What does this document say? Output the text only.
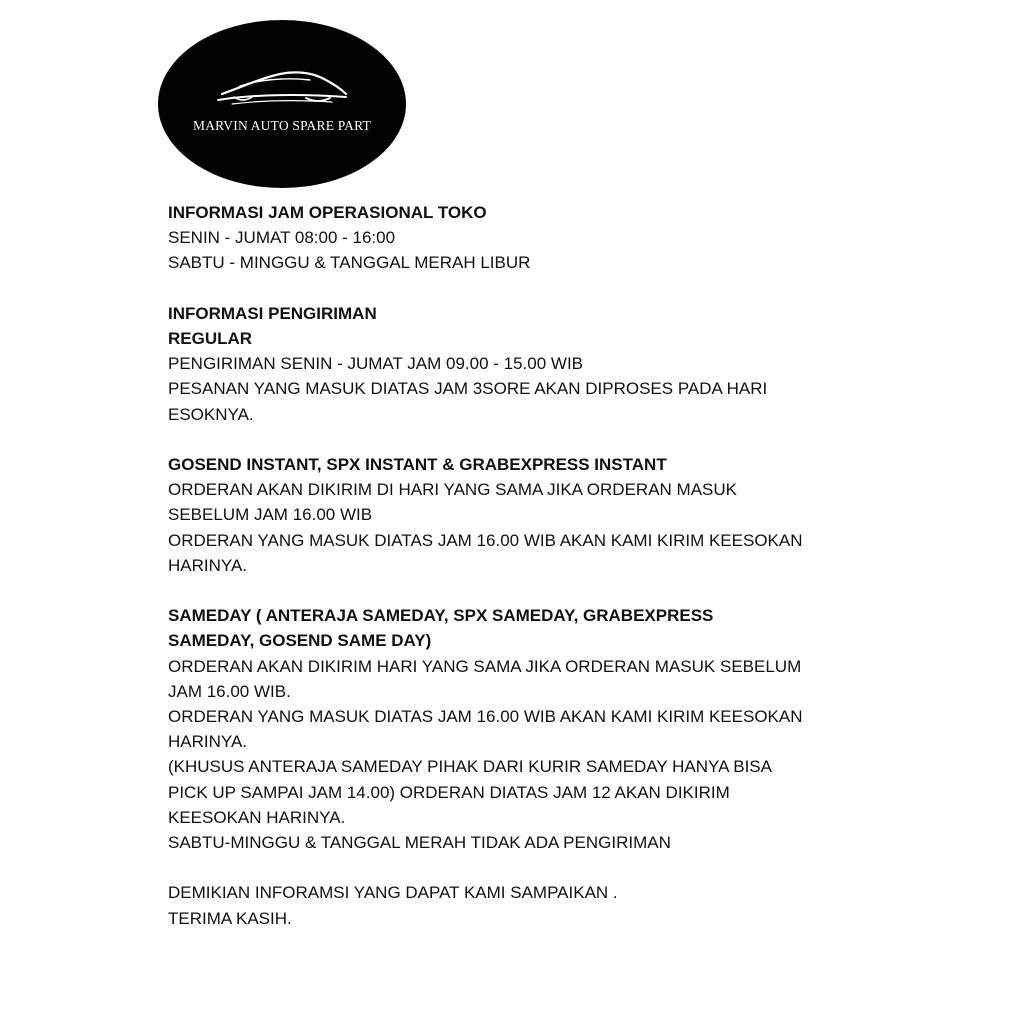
MARVIN AUTO SPARE PART
INFORMASI JAM OPERASIONAL TOKO
SENIN - JUMAT 08:00 - 16:00
SABTU - MINGGU & TANGGAL MERAH LIBUR
INFORMASI PENGIRIMAN
REGULAR
PENGIRIMAN SENIN - JUMAT JAM 09.00 - 15.00 WIB
PESANAN YANG MASUK DIATAS JAM 3SORE AKAN DIPROSES PADA HARI
ESOKNYA.
GOSEND INSTANT, SPX INSTANT & GRABEXPRESS INSTANT
ORDERAN AKAN DIKIRIM DI HARI YANG SAMA JIKA ORDERAN MASUK
SEBELUM JAM 16.00 WIB
ORDERAN YANG MASUK DIATAS JAM 16.00 WIB AKAN KAMI KIRIM KEESOKAN
HARINYA.
SAMEDAY ( ANTERAJA SAMEDAY, SPX SAMEDAY, GRABEXPRESS
SAMEDAY, GOSEND SAME DAY)
ORDERAN AKAN DIKIRIM HARI YANG SAMA JIKA ORDERAN MASUK SEBELUM
JAM 16.00 WIB.
ORDERAN YANG MASUK DIATAS JAM 16.00 WIB AKAN KAMI KIRIM KEESOKAN
HARINYA.
(KHUSUS ANTERAJA SAMEDAY PIHAK DARI KURIR SAMEDAY HANYA BISA
PICK UP SAMPAI JAM 14.00) ORDERAN DIATAS JAM 12 AKAN DIKIRIM
KEESOKAN HARINYA.
SABTU-MINGGU & TANGGAL MERAH TIDAK ADA PENGIRIMAN
DEMIKIAN INFORAMSI YANG DAPAT KAMI SAMPAIKAN .
TERIMA KASIH.
